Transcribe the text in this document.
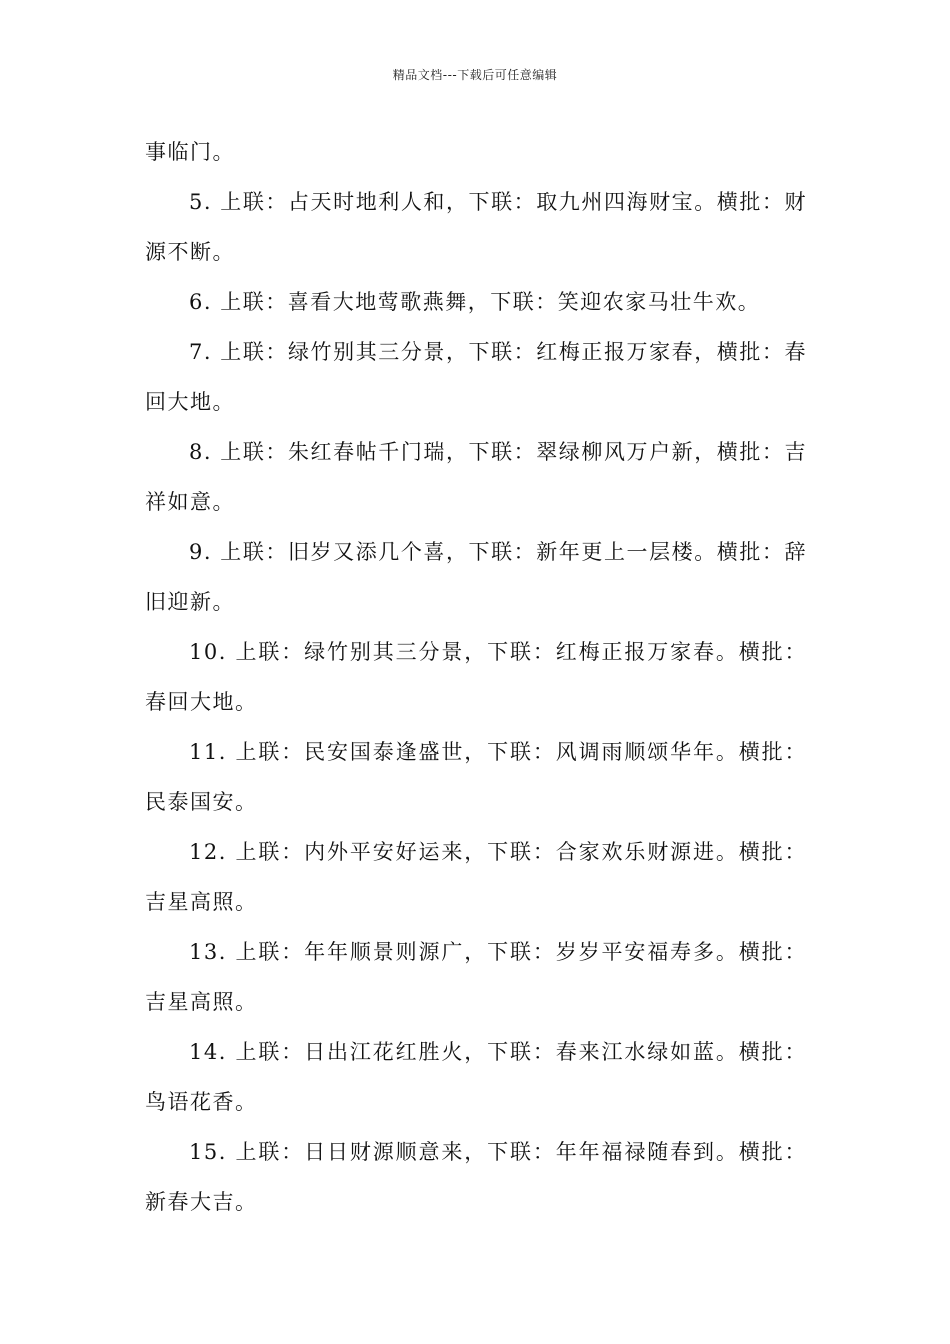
精品文档---下载后可任意编辑

事临门。

5. 上联：占天时地利人和，下联：取九州四海财宝。横批：财源不断。

6. 上联：喜看大地莺歌燕舞，下联：笑迎农家马壮牛欢。

7. 上联：绿竹别其三分景，下联：红梅正报万家春，横批：春回大地。

8. 上联：朱红春帖千门瑞，下联：翠绿柳风万户新，横批：吉祥如意。

9. 上联：旧岁又添几个喜，下联：新年更上一层楼。横批：辞旧迎新。

10. 上联：绿竹别其三分景，下联：红梅正报万家春。横批：春回大地。

11. 上联：民安国泰逢盛世，下联：风调雨顺颂华年。横批：民泰国安。

12. 上联：内外平安好运来，下联：合家欢乐财源进。横批：吉星高照。

13. 上联：年年顺景则源广，下联：岁岁平安福寿多。横批：吉星高照。

14. 上联：日出江花红胜火，下联：春来江水绿如蓝。横批：鸟语花香。

15. 上联：日日财源顺意来，下联：年年福禄随春到。横批：新春大吉。
